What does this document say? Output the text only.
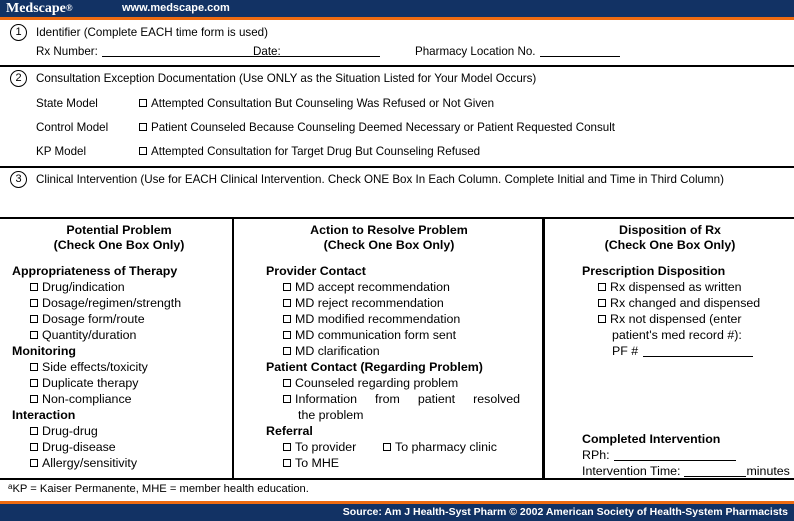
Medscape®	www.medscape.com
1	Identifier (Complete EACH time form is used)
Rx Number:	Date:	Pharmacy Location No.
2	Consultation Exception Documentation (Use ONLY as the Situation Listed for Your Model Occurs)
State Model	Attempted Consultation But Counseling Was Refused or Not Given
Control Model	Patient Counseled Because Counseling Deemed Necessary or Patient Requested Consult
KP Model	Attempted Consultation for Target Drug But Counseling Refused
3	Clinical Intervention (Use for EACH Clinical Intervention. Check ONE Box In Each Column. Complete Initial and Time in Third Column)
Potential Problem
(Check One Box Only)
Appropriateness of Therapy
Drug/indication
Dosage/regimen/strength
Dosage form/route
Quantity/duration
Monitoring
Side effects/toxicity
Duplicate therapy
Non-compliance
Interaction
Drug-drug
Drug-disease
Allergy/sensitivity
Action to Resolve Problem
(Check One Box Only)
Provider Contact
MD accept recommendation
MD reject recommendation
MD modified recommendation
MD communication form sent
MD clarification
Patient Contact (Regarding Problem)
Counseled regarding problem
Information from patient resolved
the problem
Referral
To provider	To pharmacy clinic
To MHE
Disposition of Rx
(Check One Box Only)
Prescription Disposition
Rx dispensed as written
Rx changed and dispensed
Rx not dispensed (enter
patient's med record #):
PF #
Completed Intervention
RPh:
Intervention Time:	minutes
$^a$KP = Kaiser Permanente, MHE = member health education.
Source: Am J Health-Syst Pharm © 2002 American Society of Health-System Pharmacists
